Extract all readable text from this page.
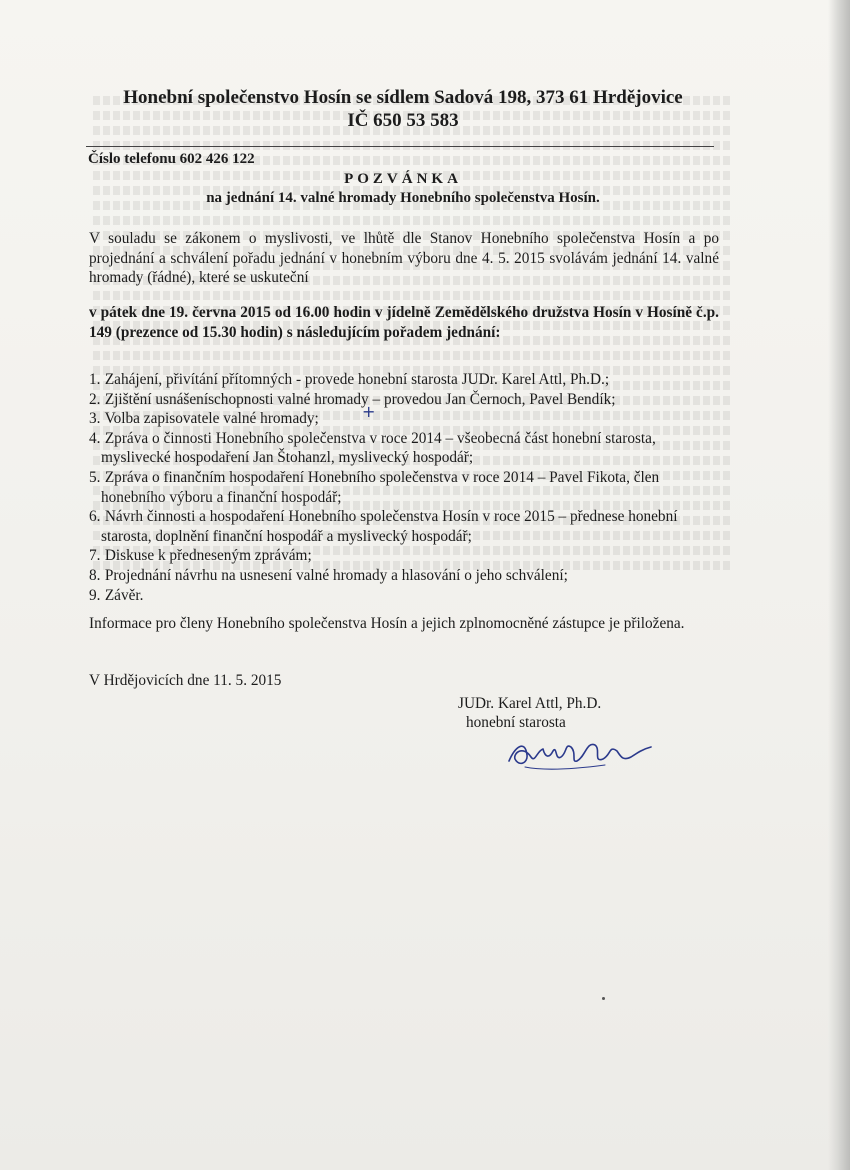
Honební společenstvo Hosín se sídlem Sadová 198, 373 61 Hrdějovice
IČ 650 53 583
Číslo telefonu 602 426 122
POZVÁNKA
na jednání 14. valné hromady Honebního společenstva Hosín.
V souladu se zákonem o myslivosti, ve lhůtě dle Stanov Honebního společenstva Hosín a po projednání a schválení pořadu jednání v honebním výboru dne 4. 5. 2015 svolávám jednání 14. valné hromady (řádné), které se uskuteční
v pátek dne 19. června 2015 od 16.00 hodin v jídelně Zemědělského družstva Hosín v Hosíně č.p. 149 (prezence od 15.30 hodin) s následujícím pořadem jednání:
1. Zahájení, přivítání přítomných - provede honební starosta JUDr. Karel Attl, Ph.D.;
2. Zjištění usnášeníschopnosti valné hromady – provedou Jan Černoch, Pavel Bendík;
3. Volba zapisovatele valné hromady;
4. Zpráva o činnosti Honebního společenstva v roce 2014 – všeobecná část honební starosta, myslivecké hospodaření Jan Štohanzl, myslivecký hospodář;
5. Zpráva o finančním hospodaření Honebního společenstva v roce 2014 – Pavel Fikota, člen honebního výboru a finanční hospodář;
6. Návrh činnosti a hospodaření Honebního společenstva Hosín v roce 2015 – přednese honební starosta, doplnění finanční hospodář a myslivecký hospodář;
7. Diskuse k předneseným zprávám;
8. Projednání návrhu na usnesení valné hromady a hlasování o jeho schválení;
9. Závěr.
+
Informace pro členy Honebního společenstva Hosín a jejich zplnomocněné zástupce je přiložena.
V Hrdějovicích dne 11. 5. 2015
JUDr. Karel Attl, Ph.D.
honební starosta
